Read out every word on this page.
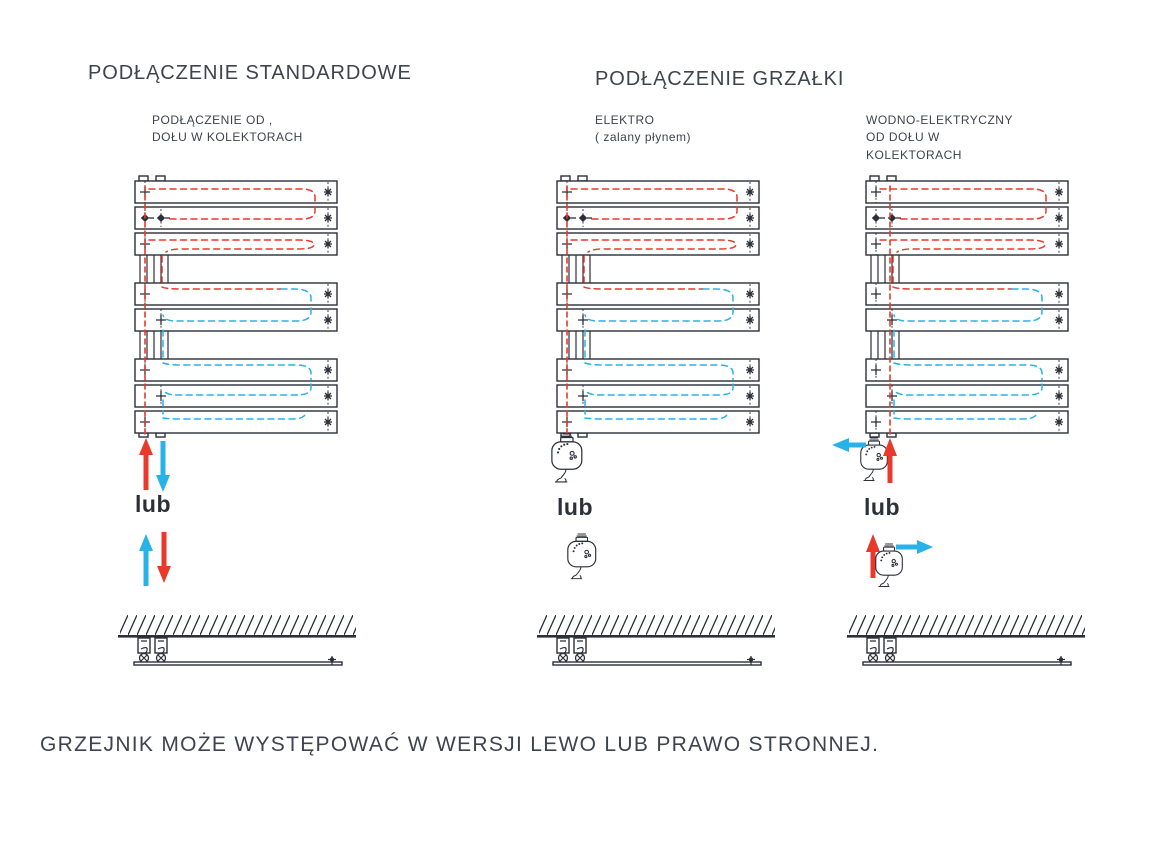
PODŁĄCZENIE STANDARDOWE	PODŁĄCZENIE GRZAŁKI
PODŁĄCZENIE OD ,
DOŁU W KOLEKTORACH
ELEKTRO
( zalany płynem)
WODNO-ELEKTRYCZNY
OD DOŁU W
KOLEKTORACH
lub	lub	lub
GRZEJNIK MOŻE WYSTĘPOWAĆ W WERSJI LEWO LUB PRAWO STRONNEJ.
